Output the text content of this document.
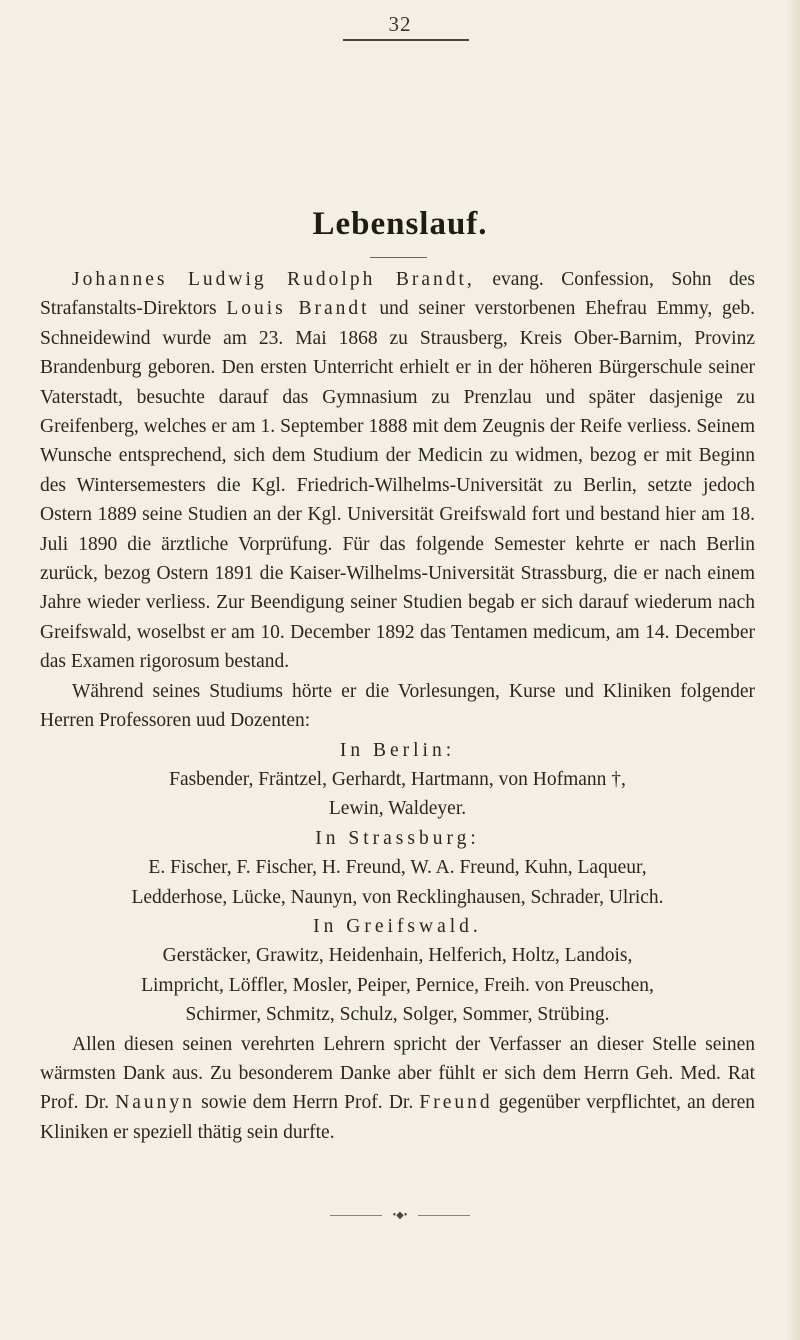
32
Lebenslauf.

Johannes Ludwig Rudolph Brandt, evang. Confession, Sohn des Strafanstalts-Direktors Louis Brandt und seiner verstorbenen Ehefrau Emmy, geb. Schneidewind wurde am 23. Mai 1868 zu Strausberg, Kreis Ober-Barnim, Provinz Brandenburg geboren. Den ersten Unterricht erhielt er in der höheren Bürgerschule seiner Vaterstadt, besuchte darauf das Gymnasium zu Prenzlau und später dasjenige zu Greifenberg, welches er am 1. September 1888 mit dem Zeugnis der Reife verliess. Seinem Wunsche entsprechend, sich dem Studium der Medicin zu widmen, bezog er mit Beginn des Wintersemesters die Kgl. Friedrich-Wilhelms-Universität zu Berlin, setzte jedoch Ostern 1889 seine Studien an der Kgl. Universität Greifswald fort und bestand hier am 18. Juli 1890 die ärztliche Vorprüfung. Für das folgende Semester kehrte er nach Berlin zurück, bezog Ostern 1891 die Kaiser-Wilhelms-Universität Strassburg, die er nach einem Jahre wieder verliess. Zur Beendigung seiner Studien begab er sich darauf wiederum nach Greifswald, woselbst er am 10. December 1892 das Tentamen medicum, am 14. December das Examen rigorosum bestand.

Während seines Studiums hörte er die Vorlesungen, Kurse und Kliniken folgender Herren Professoren uud Dozenten:

In Berlin:

Fasbender, Fräntzel, Gerhardt, Hartmann, von Hofmann †,
Lewin, Waldeyer.

In Strassburg:

E. Fischer, F. Fischer, H. Freund, W. A. Freund, Kuhn, Laqueur,
Ledderhose, Lücke, Naunyn, von Recklinghausen, Schrader, Ulrich.

In Greifswald.

Gerstäcker, Grawitz, Heidenhain, Helferich, Holtz, Landois,
Limpricht, Löffler, Mosler, Peiper, Pernice, Freih. von Preuschen,
Schirmer, Schmitz, Schulz, Solger, Sommer, Strübing.

Allen diesen seinen verehrten Lehrern spricht der Verfasser an dieser Stelle seinen wärmsten Dank aus. Zu besonderem Danke aber fühlt er sich dem Herrn Geh. Med. Rat Prof. Dr. Naunyn sowie dem Herrn Prof. Dr. Freund gegenüber verpflichtet, an deren Kliniken er speziell thätig sein durfte.

•◆•
